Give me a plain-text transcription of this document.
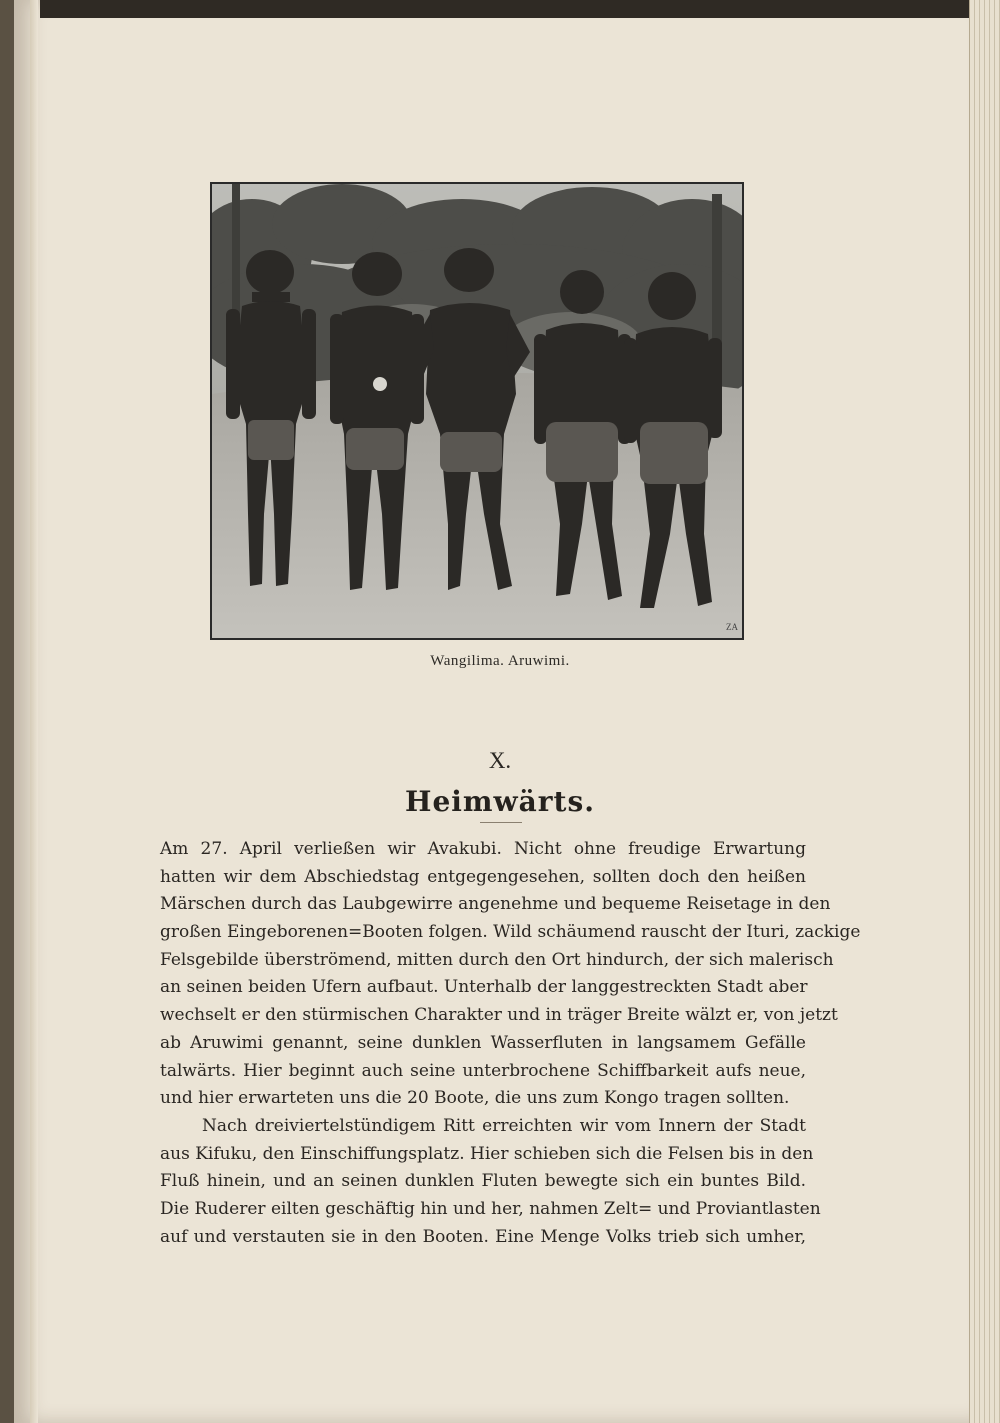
ZA
Wangilima. Aruwimi.
X.
Heimwärts.
Am 27. April verließen wir Avakubi. Nicht ohne freudige Erwartung
hatten wir dem Abschiedstag entgegengesehen, sollten doch den heißen
Märschen durch das Laubgewirre angenehme und bequeme Reisetage in den
großen Eingeborenen=Booten folgen. Wild schäumend rauscht der Ituri, zackige
Felsgebilde überströmend, mitten durch den Ort hindurch, der sich malerisch
an seinen beiden Ufern aufbaut. Unterhalb der langgestreckten Stadt aber
wechselt er den stürmischen Charakter und in träger Breite wälzt er, von jetzt
ab Aruwimi genannt, seine dunklen Wasserfluten in langsamem Gefälle
talwärts. Hier beginnt auch seine unterbrochene Schiffbarkeit aufs neue,
und hier erwarteten uns die 20 Boote, die uns zum Kongo tragen sollten.
Nach dreiviertelstündigem Ritt erreichten wir vom Innern der Stadt
aus Kifuku, den Einschiffungsplatz. Hier schieben sich die Felsen bis in den
Fluß hinein, und an seinen dunklen Fluten bewegte sich ein buntes Bild.
Die Ruderer eilten geschäftig hin und her, nahmen Zelt= und Proviantlasten
auf und verstauten sie in den Booten. Eine Menge Volks trieb sich umher,
